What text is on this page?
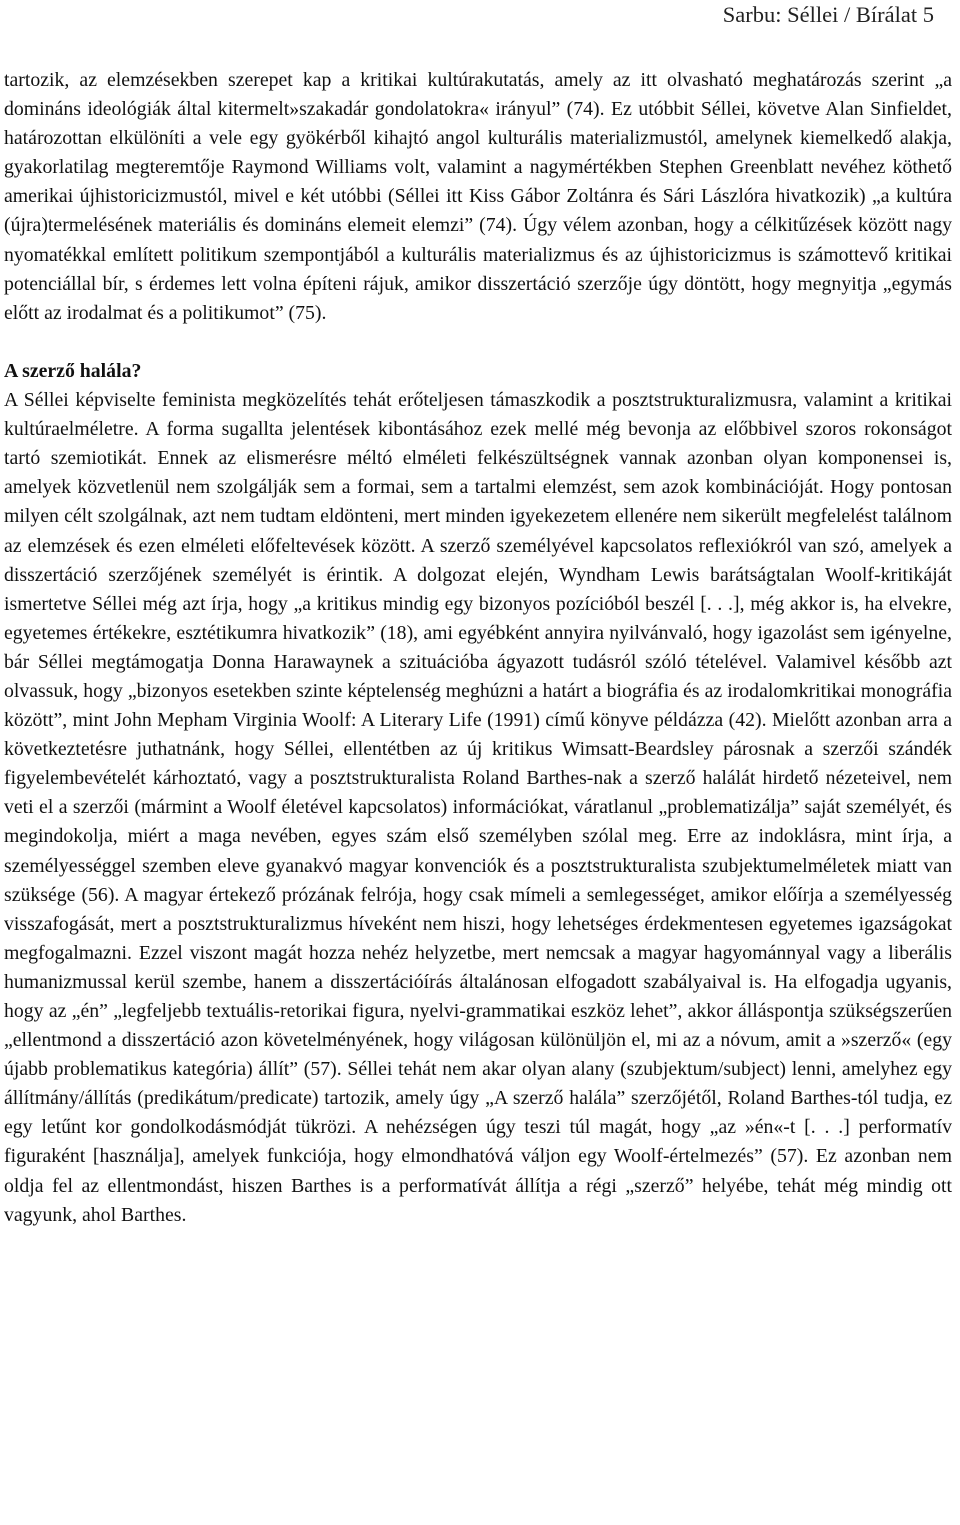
Sarbu: Séllei / Bírálat 5

tartozik, az elemzésekben szerepet kap a kritikai kultúrakutatás, amely az itt olvasható meghatározás szerint „a domináns ideológiák által kitermelt»szakadár gondolatokra« irányul” (74). Ez utóbbit Séllei, követve Alan Sinfieldet, határozottan elkülöníti a vele egy gyökérből kihajtó angol kulturális materializmustól, amelynek kiemelkedő alakja, gyakorlatilag megteremtője Raymond Williams volt, valamint a nagymértékben Stephen Greenblatt nevéhez köthető amerikai újhistoricizmustól, mivel e két utóbbi (Séllei itt Kiss Gábor Zoltánra és Sári Lászlóra hivatkozik) „a kultúra (újra)termelésének materiális és domináns elemeit elemzi” (74). Úgy vélem azonban, hogy a célkitűzések között nagy nyomatékkal említett politikum szempontjából a kulturális materializmus és az újhistoricizmus is számottevő kritikai potenciállal bír, s érdemes lett volna építeni rájuk, amikor disszertáció szerzője úgy döntött, hogy megnyitja „egymás előtt az irodalmat és a politikumot” (75).

A szerző halála?

A Séllei képviselte feminista megközelítés tehát erőteljesen támaszkodik a posztstrukturalizmusra, valamint a kritikai kultúraelméletre. A forma sugallta jelentések kibontásához ezek mellé még bevonja az előbbivel szoros rokonságot tartó szemiotikát. Ennek az elismerésre méltó elméleti felkészültségnek vannak azonban olyan komponensei is, amelyek közvetlenül nem szolgálják sem a formai, sem a tartalmi elemzést, sem azok kombinációját. Hogy pontosan milyen célt szolgálnak, azt nem tudtam eldönteni, mert minden igyekezetem ellenére nem sikerült megfelelést találnom az elemzések és ezen elméleti előfeltevések között. A szerző személyével kapcsolatos reflexiókról van szó, amelyek a disszertáció szerzőjének személyét is érintik. A dolgozat elején, Wyndham Lewis barátságtalan Woolf-kritikáját ismertetve Séllei még azt írja, hogy „a kritikus mindig egy bizonyos pozícióból beszél [. . .], még akkor is, ha elvekre, egyetemes értékekre, esztétikumra hivatkozik” (18), ami egyébként annyira nyilvánvaló, hogy igazolást sem igényelne, bár Séllei megtámogatja Donna Harawaynek a szituációba ágyazott tudásról szóló tételével. Valamivel később azt olvassuk, hogy „bizonyos esetekben szinte képtelenség meghúzni a határt a biográfia és az irodalomkritikai monográfia között”, mint John Mepham Virginia Woolf: A Literary Life (1991) című könyve példázza (42). Mielőtt azonban arra a következtetésre juthatnánk, hogy Séllei, ellentétben az új kritikus Wimsatt-Beardsley párosnak a szerzői szándék figyelembevételét kárhoztató, vagy a posztstrukturalista Roland Barthes-nak a szerző halálát hirdető nézeteivel, nem veti el a szerzői (mármint a Woolf életével kapcsolatos) információkat, váratlanul „problematizálja” saját személyét, és megindokolja, miért a maga nevében, egyes szám első személyben szólal meg. Erre az indoklásra, mint írja, a személyességgel szemben eleve gyanakvó magyar konvenciók és a posztstrukturalista szubjektumelméletek miatt van szüksége (56). A magyar értekező prózának felrója, hogy csak mímeli a semlegességet, amikor előírja a személyesség visszafogását, mert a posztstrukturalizmus híveként nem hiszi, hogy lehetséges érdekmentesen egyetemes igazságokat megfogalmazni. Ezzel viszont magát hozza nehéz helyzetbe, mert nemcsak a magyar hagyománnyal vagy a liberális humanizmussal kerül szembe, hanem a disszertációírás általánosan elfogadott szabályaival is. Ha elfogadja ugyanis, hogy az „én” „legfeljebb textuális-retorikai figura, nyelvi-grammatikai eszköz lehet”, akkor álláspontja szükségszerűen „ellentmond a disszertáció azon követelményének, hogy világosan különüljön el, mi az a nóvum, amit a »szerző« (egy újabb problematikus kategória) állít” (57). Séllei tehát nem akar olyan alany (szubjektum/subject) lenni, amelyhez egy állítmány/állítás (predikátum/predicate) tartozik, amely úgy „A szerző halála” szerzőjétől, Roland Barthes-tól tudja, ez egy letűnt kor gondolkodásmódját tükrözi. A nehézségen úgy teszi túl magát, hogy „az »én«-t [. . .] performatív figuraként [használja], amelyek funkciója, hogy elmondhatóvá váljon egy Woolf-értelmezés” (57). Ez azonban nem oldja fel az ellentmondást, hiszen Barthes is a performatívát állítja a régi „szerző” helyébe, tehát még mindig ott vagyunk, ahol Barthes.
